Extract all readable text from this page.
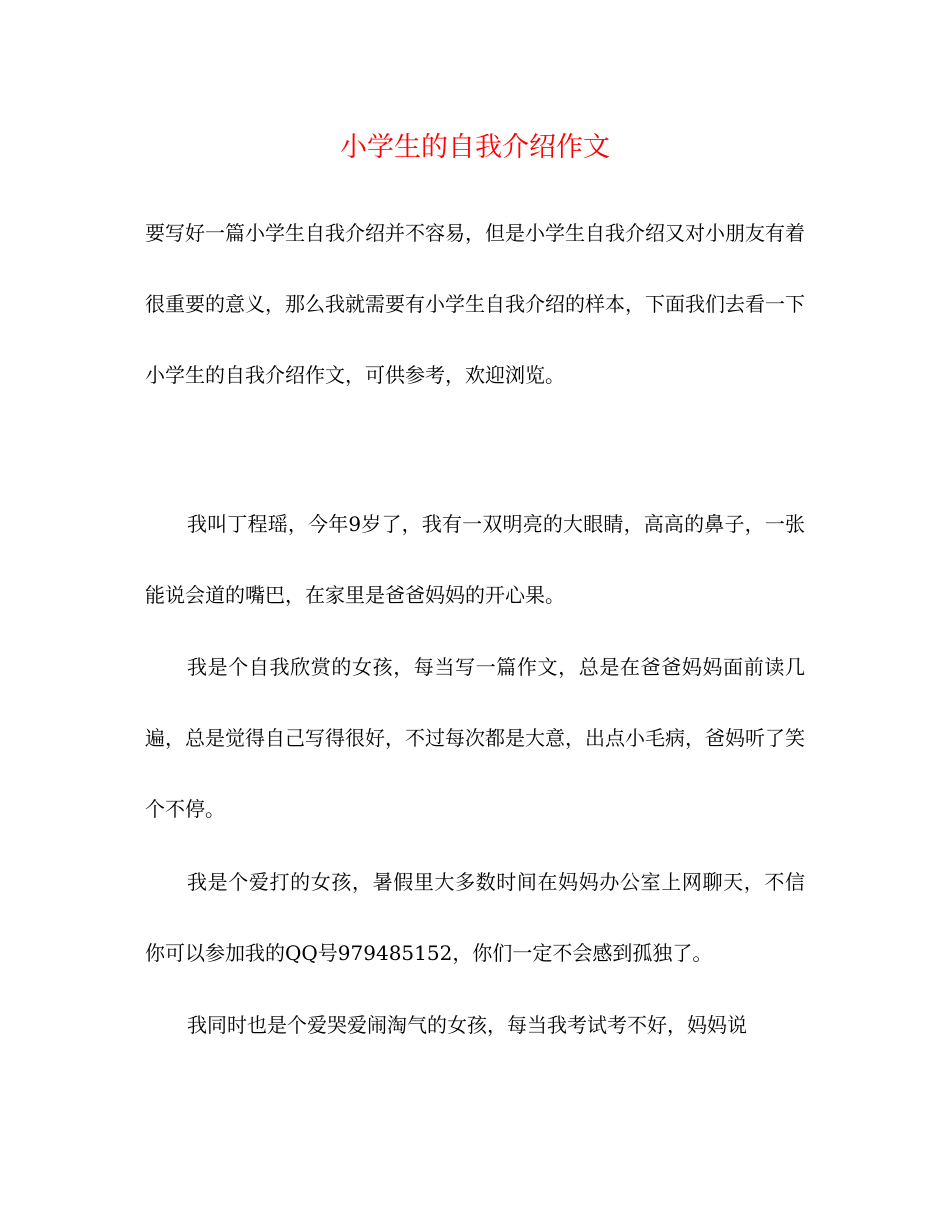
小学生的自我介绍作文

要写好一篇小学生自我介绍并不容易，但是小学生自我介绍又对小朋友有着很重要的意义，那么我就需要有小学生自我介绍的样本，下面我们去看一下小学生的自我介绍作文，可供参考，欢迎浏览。

我叫丁程瑶，今年9岁了，我有一双明亮的大眼睛，高高的鼻子，一张能说会道的嘴巴，在家里是爸爸妈妈的开心果。

我是个自我欣赏的女孩，每当写一篇作文，总是在爸爸妈妈面前读几遍，总是觉得自己写得很好，不过每次都是大意，出点小毛病，爸妈听了笑个不停。

我是个爱打的女孩，暑假里大多数时间在妈妈办公室上网聊天，不信你可以参加我的QQ号979485152，你们一定不会感到孤独了。

我同时也是个爱哭爱闹淘气的女孩，每当我考试考不好，妈妈说
